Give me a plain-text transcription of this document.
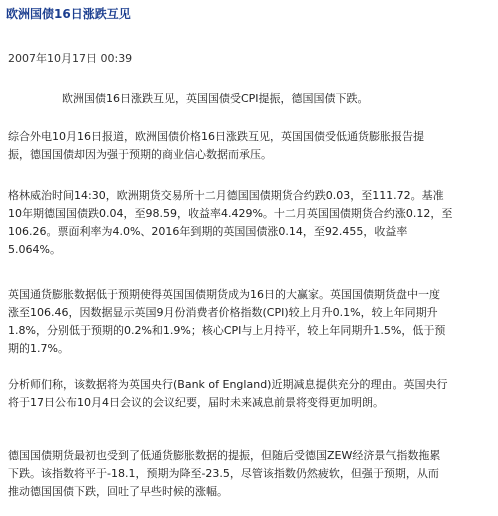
欧洲国债16日涨跌互见
2007年10月17日 00:39
欧洲国债16日涨跌互见，英国国债受CPI提振，德国国债下跌。
综合外电10月16日报道，欧洲国债价格16日涨跌互见，英国国债受低通货膨胀报告提
振，德国国债却因为强于预期的商业信心数据而承压。
格林威治时间14:30，欧洲期货交易所十二月德国国债期货合约跌0.03，至111.72。基准
10年期德国国债跌0.04，至98.59，收益率4.429%。十二月英国国债期货合约涨0.12，至
106.26。票面利率为4.0%、2016年到期的英国国债涨0.14，至92.455，收益率
5.064%。
英国通货膨胀数据低于预期使得英国国债期货成为16日的大赢家。英国国债期货盘中一度
涨至106.46，因数据显示英国9月份消费者价格指数(CPI)较上月升0.1%，较上年同期升
1.8%，分别低于预期的0.2%和1.9%；核心CPI与上月持平，较上年同期升1.5%，低于预
期的1.7%。
分析师们称，该数据将为英国央行(Bank of England)近期减息提供充分的理由。英国央行
将于17日公布10月4日会议的会议纪要，届时未来减息前景将变得更加明朗。
德国国债期货最初也受到了低通货膨胀数据的提振，但随后受德国ZEW经济景气指数拖累
下跌。该指数将平于-18.1，预期为降至-23.5，尽管该指数仍然疲软，但强于预期，从而
推动德国国债下跌，回吐了早些时候的涨幅。
